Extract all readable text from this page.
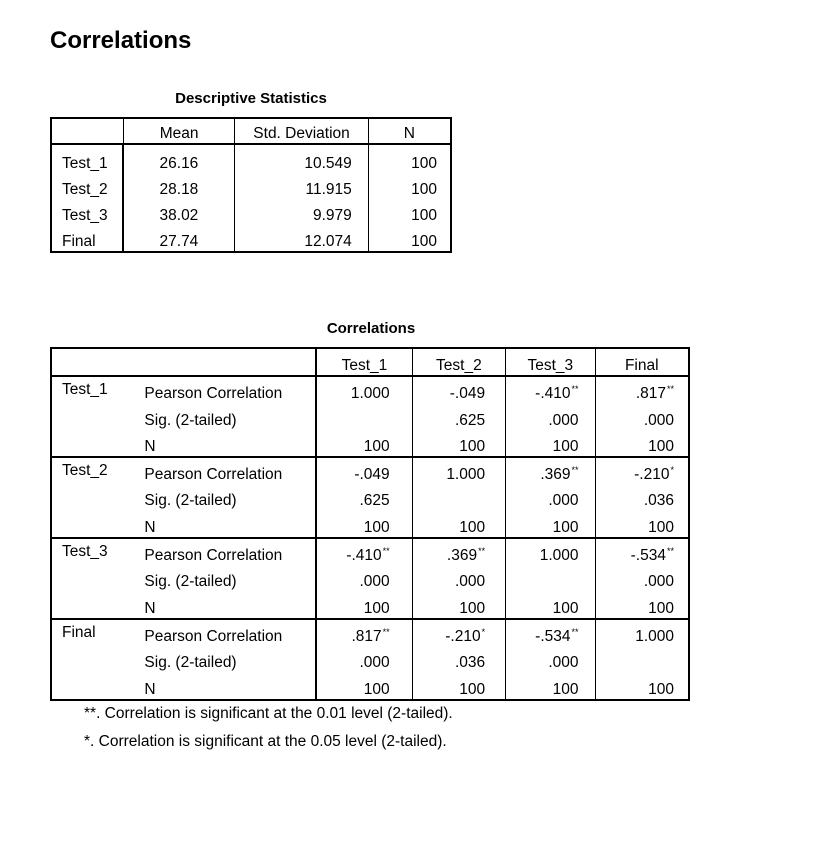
Correlations
Descriptive Statistics
	Mean	Std. Deviation	N
Test_1	26.16	10.549	100
Test_2	28.18	11.915	100
Test_3	38.02	9.979	100
Final	27.74	12.074	100
Correlations
		Test_1	Test_2	Test_3	Final
Test_1	Pearson Correlation	1.000	-.049	-.410**	.817**
	Sig. (2-tailed)		.625	.000	.000
	N	100	100	100	100
Test_2	Pearson Correlation	-.049	1.000	.369**	-.210*
	Sig. (2-tailed)	.625		.000	.036
	N	100	100	100	100
Test_3	Pearson Correlation	-.410**	.369**	1.000	-.534**
	Sig. (2-tailed)	.000	.000		.000
	N	100	100	100	100
Final	Pearson Correlation	.817**	-.210*	-.534**	1.000
	Sig. (2-tailed)	.000	.036	.000	
	N	100	100	100	100
**. Correlation is significant at the 0.01 level (2-tailed).
*. Correlation is significant at the 0.05 level (2-tailed).
